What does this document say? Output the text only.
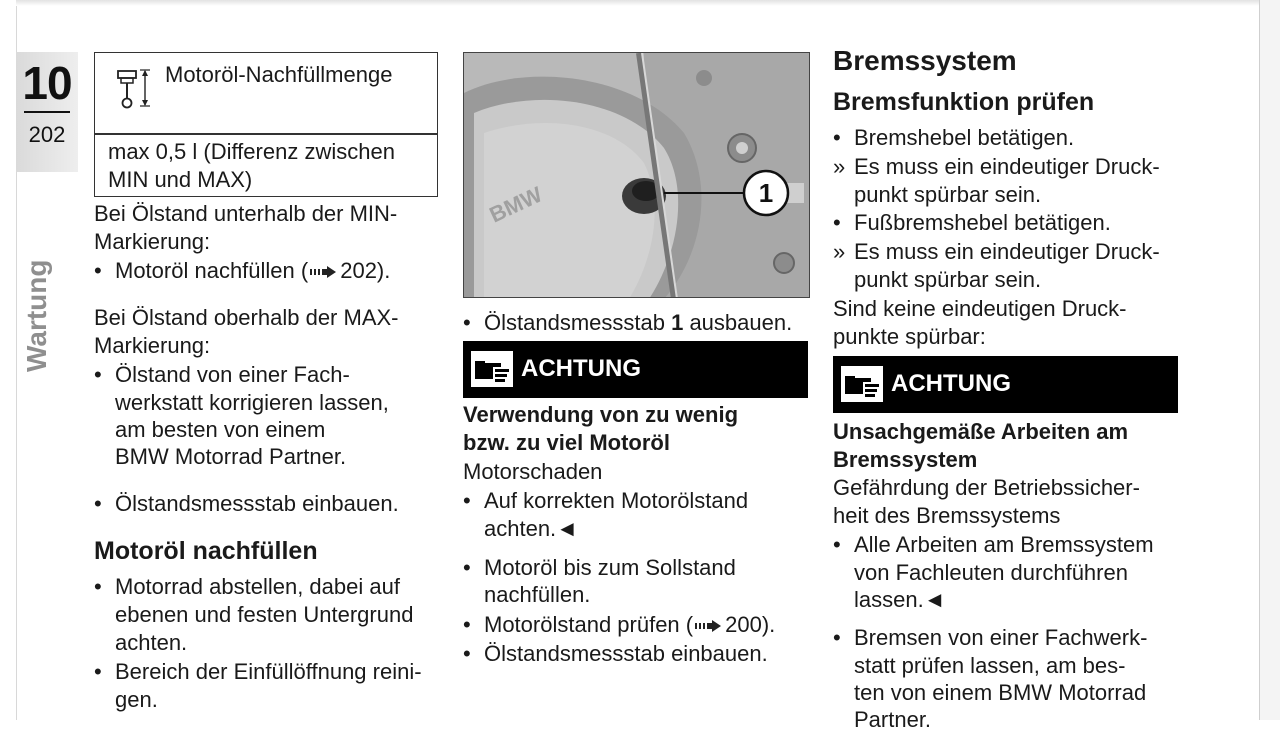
10
202
Wartung
Motoröl-Nachfüllmenge
max 0,5 l (Differenz zwischen
MIN und MAX)
Bei Ölstand unterhalb der MIN-
Markierung:
• Motoröl nachfüllen ( 202).
Bei Ölstand oberhalb der MAX-
Markierung:
• Ölstand von einer Fach-
werkstatt korrigieren lassen,
am besten von einem
BMW Motorrad Partner.
• Ölstandsmessstab einbauen.
Motoröl nachfüllen
• Motorrad abstellen, dabei auf
ebenen und festen Untergrund
achten.
• Bereich der Einfüllöffnung reini-
gen.
BMW	1
• Ölstandsmessstab 1 ausbauen.
ACHTUNG
Verwendung von zu wenig
bzw. zu viel Motoröl
Motorschaden
• Auf korrekten Motorölstand
achten.◄
• Motoröl bis zum Sollstand
nachfüllen.
• Motorölstand prüfen ( 200).
• Ölstandsmessstab einbauen.
Bremssystem
Bremsfunktion prüfen
• Bremshebel betätigen.
» Es muss ein eindeutiger Druck-
punkt spürbar sein.
• Fußbremshebel betätigen.
» Es muss ein eindeutiger Druck-
punkt spürbar sein.
Sind keine eindeutigen Druck-
punkte spürbar:
ACHTUNG
Unsachgemäße Arbeiten am
Bremssystem
Gefährdung der Betriebssicher-
heit des Bremssystems
• Alle Arbeiten am Bremssystem
von Fachleuten durchführen
lassen.◄
• Bremsen von einer Fachwerk-
statt prüfen lassen, am bes-
ten von einem BMW Motorrad
Partner.
